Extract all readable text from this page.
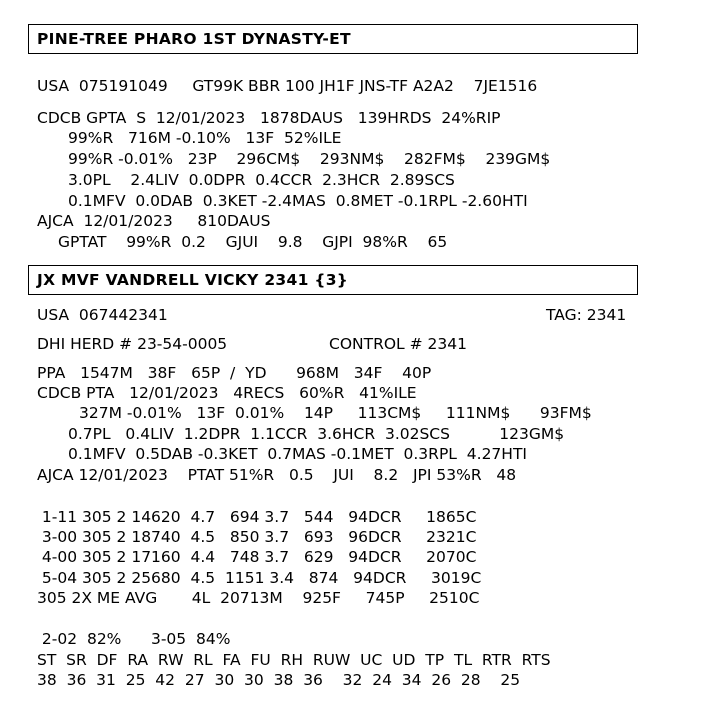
PINE-TREE PHARO 1ST DYNASTY-ET
USA  075191049     GT99K BBR 100 JH1F JNS-TF A2A2    7JE1516
CDCB GPTA  S  12/01/2023   1878DAUS   139HRDS  24%RIP
99%R   716M -0.10%   13F  52%ILE
99%R -0.01%   23P    296CM$    293NM$    282FM$    239GM$
3.0PL    2.4LIV  0.0DPR  0.4CCR  2.3HCR  2.89SCS
0.1MFV  0.0DAB  0.3KET -2.4MAS  0.8MET -0.1RPL -2.60HTI
AJCA  12/01/2023     810DAUS
GPTAT    99%R  0.2    GJUI    9.8    GJPI  98%R    65
JX MVF VANDRELL VICKY 2341 {3}
USA  067442341	TAG: 2341
DHI HERD # 23-54-0005	CONTROL # 2341
PPA   1547M   38F   65P  /  YD      968M   34F    40P
CDCB PTA   12/01/2023   4RECS   60%R   41%ILE
327M -0.01%   13F  0.01%    14P     113CM$     111NM$      93FM$
0.7PL   0.4LIV  1.2DPR  1.1CCR  3.6HCR  3.02SCS          123GM$
0.1MFV  0.5DAB -0.3KET  0.7MAS -0.1MET  0.3RPL  4.27HTI
AJCA 12/01/2023    PTAT 51%R   0.5    JUI    8.2   JPI 53%R   48
1-11 305 2 14620  4.7   694 3.7   544   94DCR     1865C
3-00 305 2 18740  4.5   850 3.7   693   96DCR     2321C
4-00 305 2 17160  4.4   748 3.7   629   94DCR     2070C
5-04 305 2 25680  4.5  1151 3.4   874   94DCR     3019C
305 2X ME AVG       4L  20713M    925F     745P     2510C
2-02  82%      3-05  84%
ST  SR  DF  RA  RW  RL  FA  FU  RH  RUW  UC  UD  TP  TL  RTR  RTS
38  36  31  25  42  27  30  30  38  36    32  24  34  26  28    25
